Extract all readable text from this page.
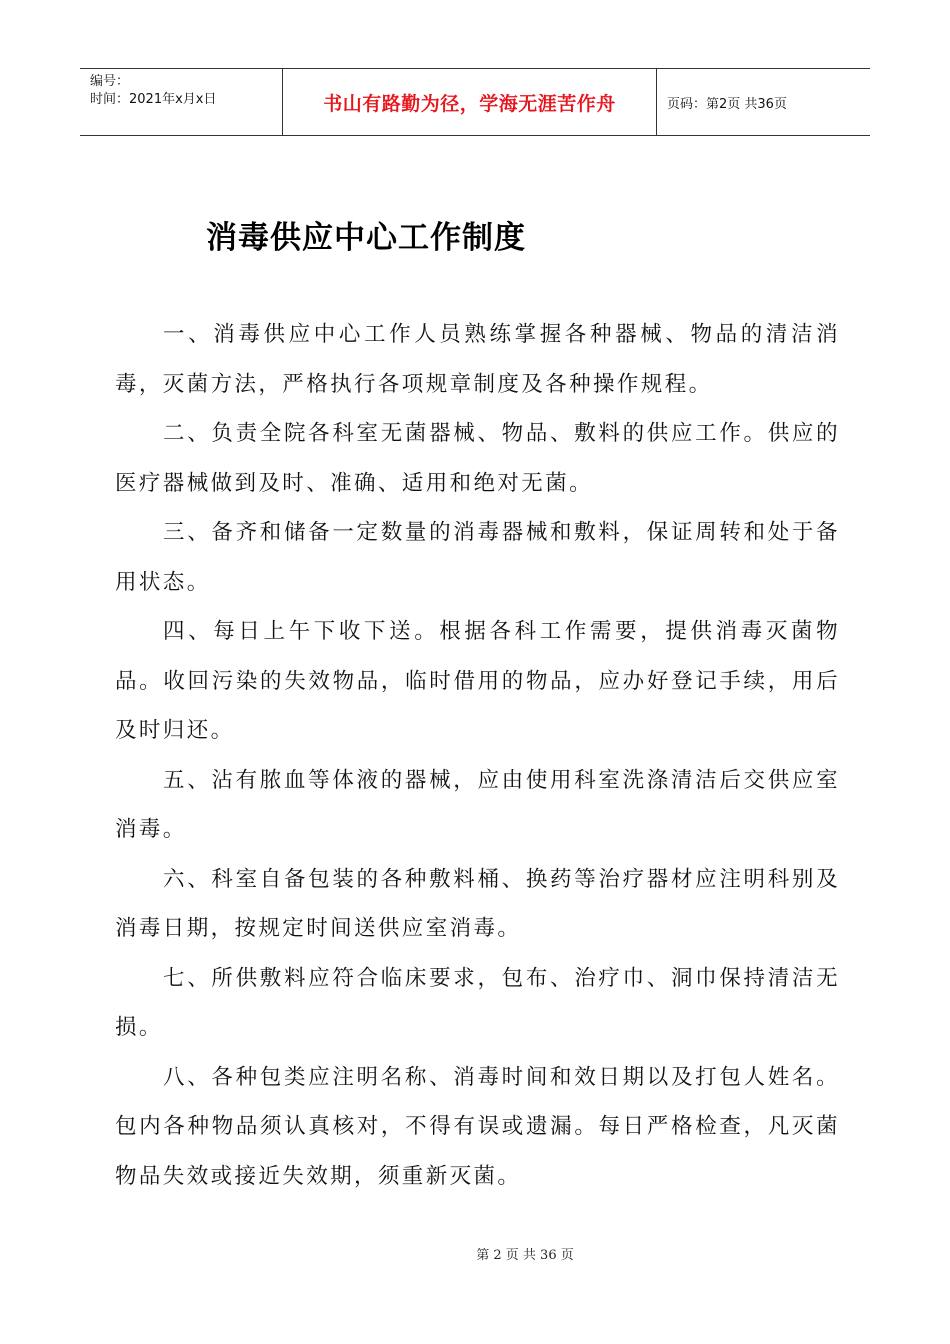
编号：
时间：2021年x月x日	书山有路勤为径，学海无涯苦作舟	页码：第2页 共36页
消毒供应中心工作制度

一、消毒供应中心工作人员熟练掌握各种器械、物品的清洁消毒，灭菌方法，严格执行各项规章制度及各种操作规程。

二、负责全院各科室无菌器械、物品、敷料的供应工作。供应的医疗器械做到及时、准确、适用和绝对无菌。

三、备齐和储备一定数量的消毒器械和敷料，保证周转和处于备用状态。

四、每日上午下收下送。根据各科工作需要，提供消毒灭菌物品。收回污染的失效物品，临时借用的物品，应办好登记手续，用后及时归还。

五、沾有脓血等体液的器械，应由使用科室洗涤清洁后交供应室消毒。

六、科室自备包装的各种敷料桶、换药等治疗器材应注明科别及消毒日期，按规定时间送供应室消毒。

七、所供敷料应符合临床要求，包布、治疗巾、洞巾保持清洁无损。

八、各种包类应注明名称、消毒时间和效日期以及打包人姓名。包内各种物品须认真核对，不得有误或遗漏。每日严格检查，凡灭菌物品失效或接近失效期，须重新灭菌。

第 2 页 共 36 页
